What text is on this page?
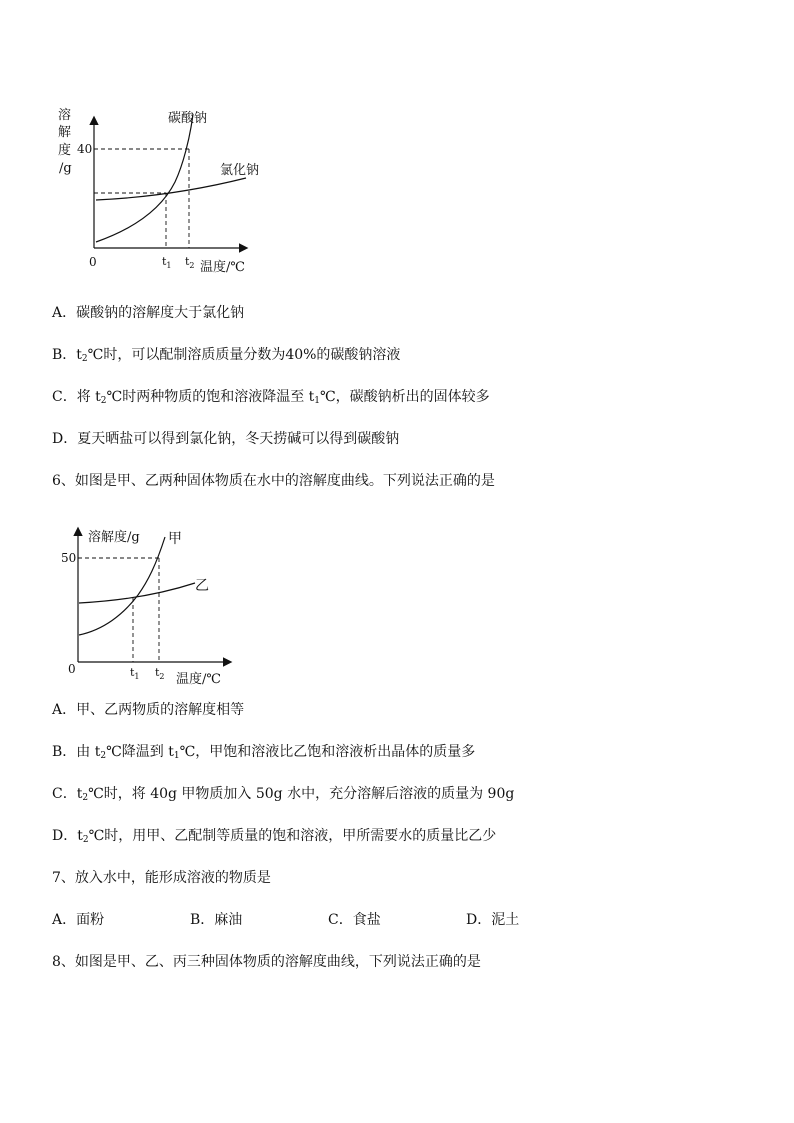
溶
解
度
/g
40
碳酸钠
氯化钠
0	$t_1$ $t_2$ 温度/℃
A．碳酸钠的溶解度大于氯化钠
B．$t_2℃$时，可以配制溶质质量分数为40%的碳酸钠溶液
C．将 $t_2℃$时两种物质的饱和溶液降温至 $t_1℃$，碳酸钠析出的固体较多
D．夏天晒盐可以得到氯化钠，冬天捞碱可以得到碳酸钠
6、如图是甲、乙两种固体物质在水中的溶解度曲线。下列说法正确的是
溶解度/g
50
甲
乙
0	$t_1$ $t_2$ 温度/℃
A．甲、乙两物质的溶解度相等
B．由 $t_2℃$降温到 $t_1℃$，甲饱和溶液比乙饱和溶液析出晶体的质量多
C．$t_2℃$时，将 40g 甲物质加入 50g 水中，充分溶解后溶液的质量为 90g
D．$t_2℃$时，用甲、乙配制等质量的饱和溶液，甲所需要水的质量比乙少
7、放入水中，能形成溶液的物质是
A．面粉	B．麻油	C．食盐	D．泥土
8、如图是甲、乙、丙三种固体物质的溶解度曲线，下列说法正确的是
